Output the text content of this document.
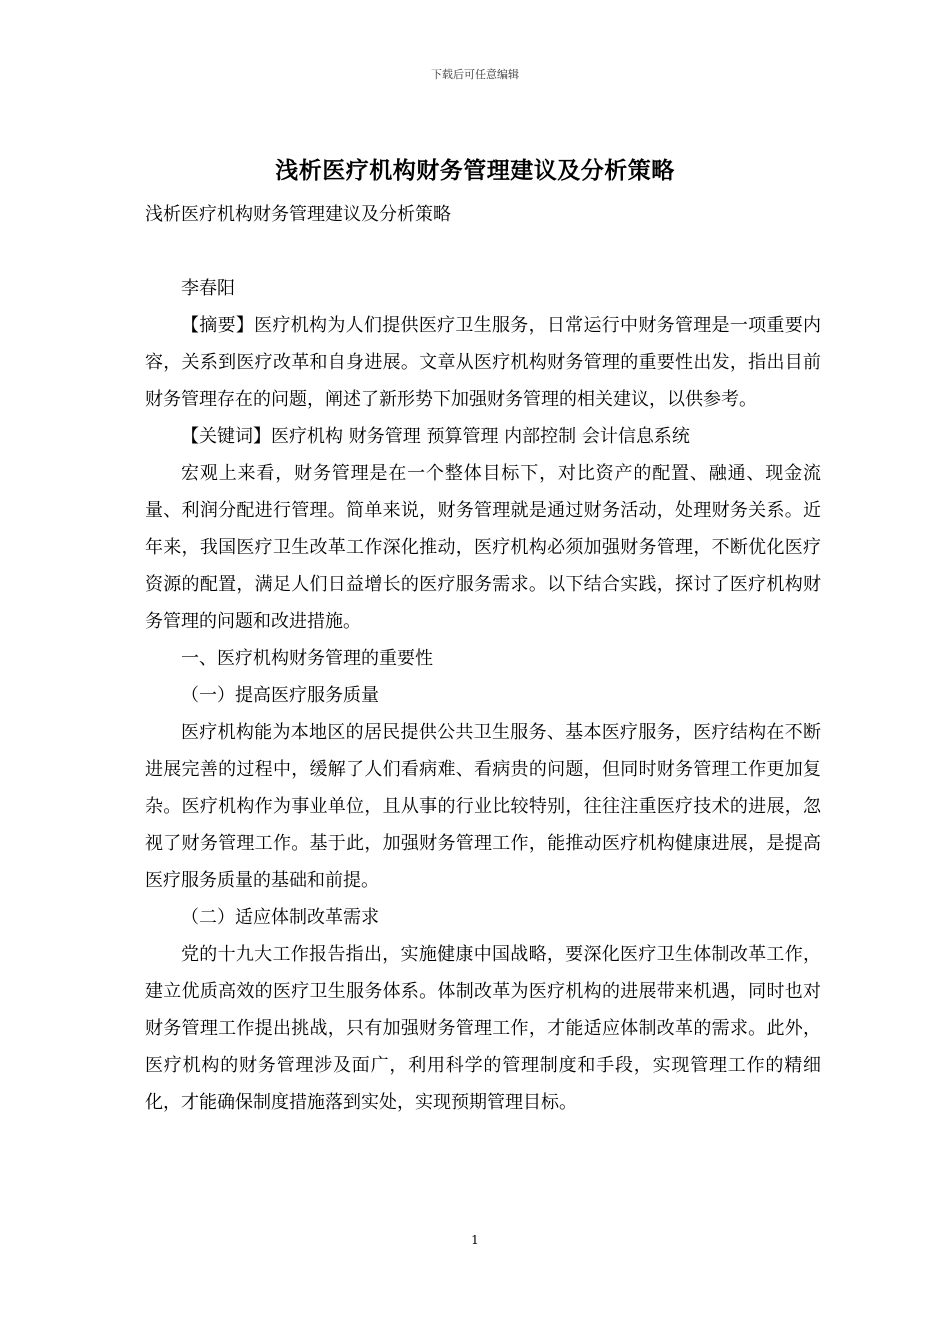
下载后可任意编辑
浅析医疗机构财务管理建议及分析策略

浅析医疗机构财务管理建议及分析策略

李春阳

【摘要】医疗机构为人们提供医疗卫生服务，日常运行中财务管理是一项重要内容，关系到医疗改革和自身进展。文章从医疗机构财务管理的重要性出发，指出目前财务管理存在的问题，阐述了新形势下加强财务管理的相关建议，以供参考。

【关键词】医疗机构 财务管理 预算管理 内部控制 会计信息系统

宏观上来看，财务管理是在一个整体目标下，对比资产的配置、融通、现金流量、利润分配进行管理。简单来说，财务管理就是通过财务活动，处理财务关系。近年来，我国医疗卫生改革工作深化推动，医疗机构必须加强财务管理，不断优化医疗资源的配置，满足人们日益增长的医疗服务需求。以下结合实践，探讨了医疗机构财务管理的问题和改进措施。

一、医疗机构财务管理的重要性

（一）提高医疗服务质量

医疗机构能为本地区的居民提供公共卫生服务、基本医疗服务，医疗结构在不断进展完善的过程中，缓解了人们看病难、看病贵的问题，但同时财务管理工作更加复杂。医疗机构作为事业单位，且从事的行业比较特别，往往注重医疗技术的进展，忽视了财务管理工作。基于此，加强财务管理工作，能推动医疗机构健康进展，是提高医疗服务质量的基础和前提。

（二）适应体制改革需求

党的十九大工作报告指出，实施健康中国战略，要深化医疗卫生体制改革工作，建立优质高效的医疗卫生服务体系。体制改革为医疗机构的进展带来机遇，同时也对财务管理工作提出挑战，只有加强财务管理工作，才能适应体制改革的需求。此外，医疗机构的财务管理涉及面广，利用科学的管理制度和手段，实现管理工作的精细化，才能确保制度措施落到实处，实现预期管理目标。

1
